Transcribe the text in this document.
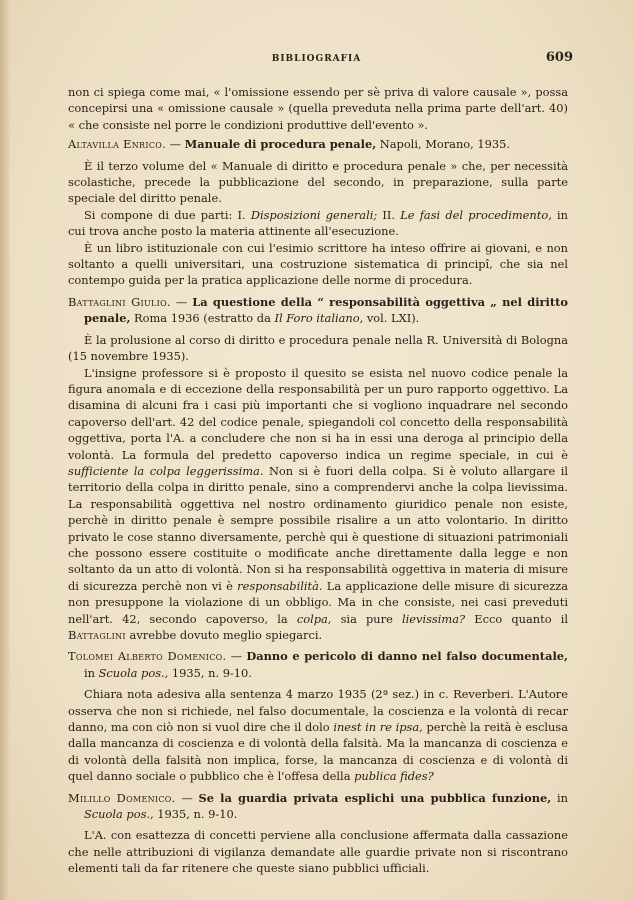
BIBLIOGRAFIA	609

non ci spiega come mai, « l'omissione essendo per sè priva di valore causale », possa concepirsi una « omissione causale » (quella preveduta nella prima parte dell'art. 40) « che consiste nel porre le condizioni produttive dell'evento ».

Altavilla Enrico. — Manuale di procedura penale, Napoli, Morano, 1935.

È il terzo volume del « Manuale di diritto e procedura penale » che, per necessità scolastiche, precede la pubblicazione del secondo, in preparazione, sulla parte speciale del diritto penale.

Si compone di due parti: I. Disposizioni generali; II. Le fasi del procedimento, in cui trova anche posto la materia attinente all'esecuzione.

È un libro istituzionale con cui l'esimio scrittore ha inteso offrire ai giovani, e non soltanto a quelli universitari, una costruzione sistematica di principî, che sia nel contempo guida per la pratica applicazione delle norme di procedura.

Battaglini Giulio. — La questione della “ responsabilità oggettiva „ nel diritto penale, Roma 1936 (estratto da Il Foro italiano, vol. LXI).

È la prolusione al corso di diritto e procedura penale nella R. Università di Bologna (15 novembre 1935).

L'insigne professore si è proposto il quesito se esista nel nuovo codice penale la figura anomala e di eccezione della responsabilità per un puro rapporto oggettivo. La disamina di alcuni fra i casi più importanti che si vogliono inquadrare nel secondo capoverso dell'art. 42 del codice penale, spiegandoli col concetto della responsabilità oggettiva, porta l'A. a concludere che non si ha in essi una deroga al principio della volontà. La formula del predetto capoverso indica un regime speciale, in cui è sufficiente la colpa leggerissima. Non si è fuori della colpa. Si è voluto allargare il territorio della colpa in diritto penale, sino a comprendervi anche la colpa lievissima. La responsabilità oggettiva nel nostro ordinamento giuridico penale non esiste, perchè in diritto penale è sempre possibile risalire a un atto volontario. In diritto privato le cose stanno diversamente, perchè qui è questione di situazioni patrimoniali che possono essere costituite o modificate anche direttamente dalla legge e non soltanto da un atto di volontà. Non si ha responsabilità oggettiva in materia di misure di sicurezza perchè non vi è responsabilità. La applicazione delle misure di sicurezza non presuppone la violazione di un obbligo. Ma in che consiste, nei casi preveduti nell'art. 42, secondo capoverso, la colpa, sia pure lievissima? Ecco quanto il Battaglini avrebbe dovuto meglio spiegarci.

Tolomei Alberto Domenico. — Danno e pericolo di danno nel falso documentale, in Scuola pos., 1935, n. 9-10.

Chiara nota adesiva alla sentenza 4 marzo 1935 (2ª sez.) in c. Reverberi. L'Autore osserva che non si richiede, nel falso documentale, la coscienza e la volontà di recar danno, ma con ciò non si vuol dire che il dolo inest in re ipsa, perchè la reità è esclusa dalla mancanza di coscienza e di volontà della falsità. Ma la mancanza di coscienza e di volontà della falsità non implica, forse, la mancanza di coscienza e di volontà di quel danno sociale o pubblico che è l'offesa della publica fides?

Milillo Domenico. — Se la guardia privata esplichi una pubblica funzione, in Scuola pos., 1935, n. 9-10.

L'A. con esattezza di concetti perviene alla conclusione affermata dalla cassazione che nelle attribuzioni di vigilanza demandate alle guardie private non si riscontrano elementi tali da far ritenere che queste siano pubblici ufficiali.
